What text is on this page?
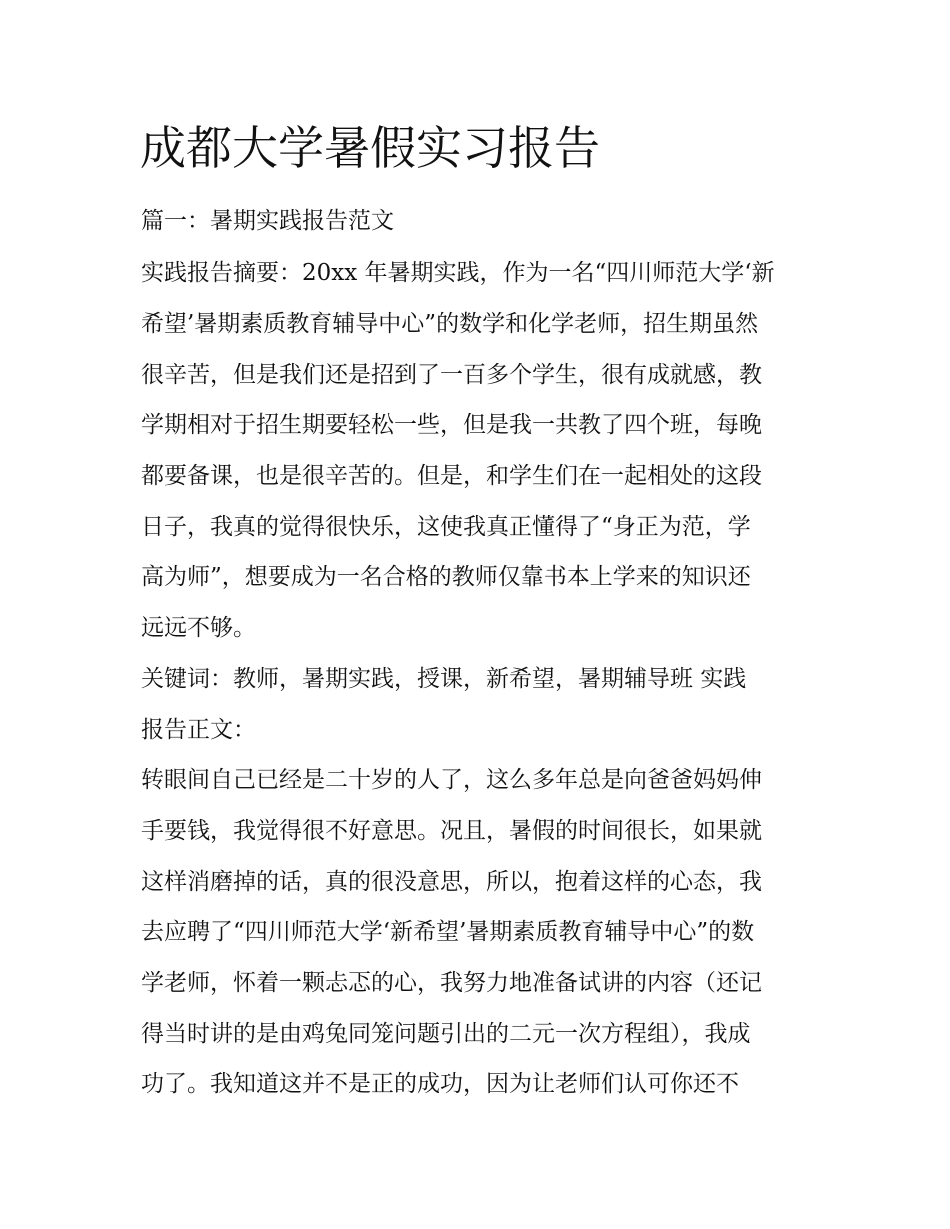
成都大学暑假实习报告
篇一：暑期实践报告范文
实践报告摘要：20xx 年暑期实践，作为一名“四川师范大学‘新
希望’暑期素质教育辅导中心”的数学和化学老师，招生期虽然
很辛苦，但是我们还是招到了一百多个学生，很有成就感，教
学期相对于招生期要轻松一些，但是我一共教了四个班，每晚
都要备课，也是很辛苦的。但是，和学生们在一起相处的这段
日子，我真的觉得很快乐，这使我真正懂得了“身正为范，学
高为师”，想要成为一名合格的教师仅靠书本上学来的知识还
远远不够。
关键词：教师，暑期实践，授课，新希望，暑期辅导班 实践
报告正文：
转眼间自己已经是二十岁的人了，这么多年总是向爸爸妈妈伸
手要钱，我觉得很不好意思。况且，暑假的时间很长，如果就
这样消磨掉的话，真的很没意思，所以，抱着这样的心态，我
去应聘了“四川师范大学‘新希望’暑期素质教育辅导中心”的数
学老师，怀着一颗忐忑的心，我努力地准备试讲的内容（还记
得当时讲的是由鸡兔同笼问题引出的二元一次方程组），我成
功了。我知道这并不是正的成功，因为让老师们认可你还不
